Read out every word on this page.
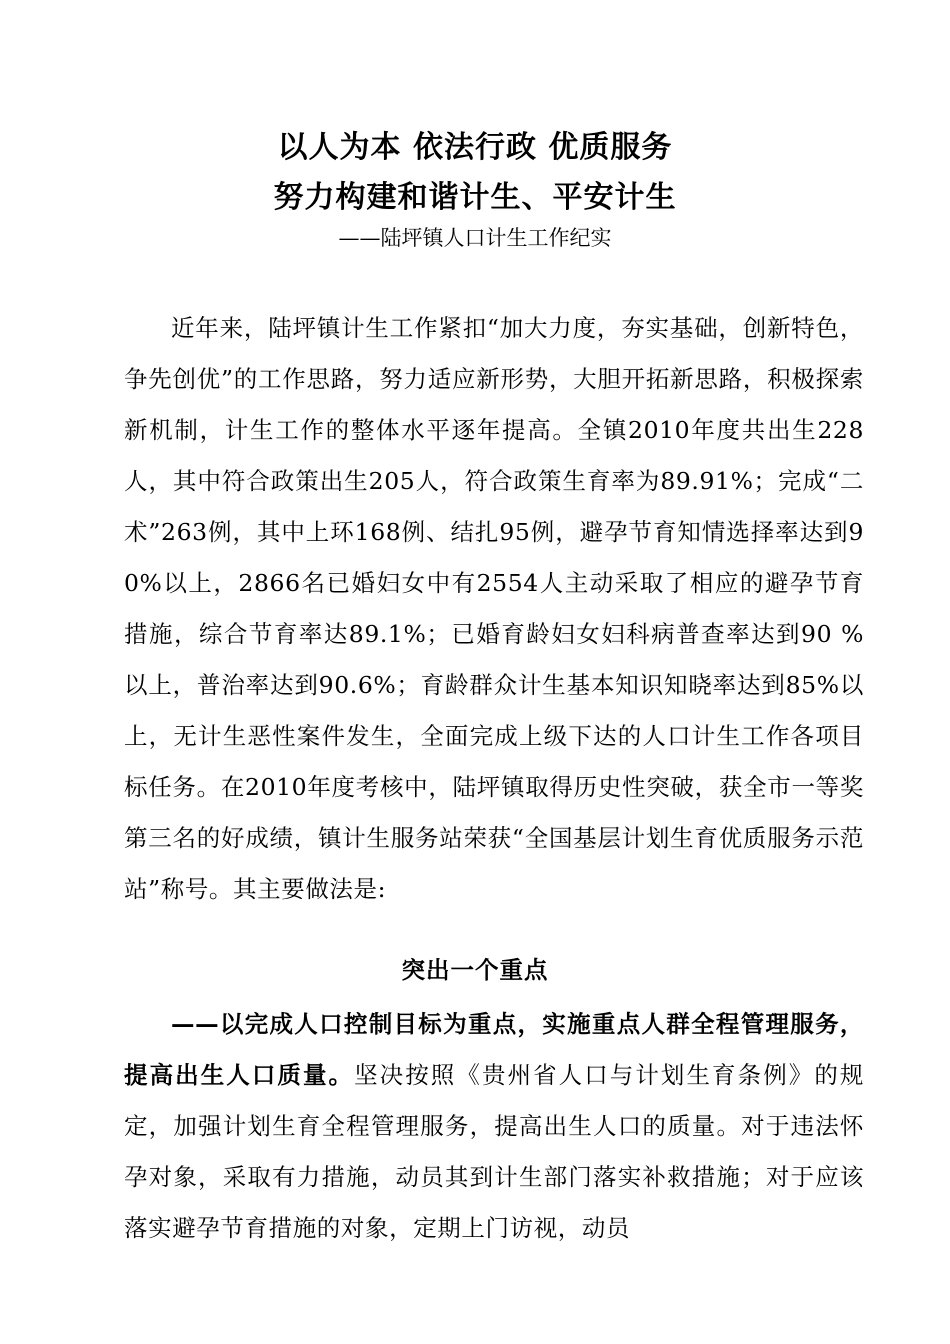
以人为本 依法行政 优质服务
努力构建和谐计生、平安计生
——陆坪镇人口计生工作纪实
近年来，陆坪镇计生工作紧扣“加大力度，夯实基础，创新特色，争先创优”的工作思路，努力适应新形势，大胆开拓新思路，积极探索新机制，计生工作的整体水平逐年提高。全镇2010年度共出生228人，其中符合政策出生205人，符合政策生育率为89.91%；完成“二术”263例，其中上环168例、结扎95例，避孕节育知情选择率达到90%以上，2866名已婚妇女中有2554人主动采取了相应的避孕节育措施，综合节育率达89.1%；已婚育龄妇女妇科病普查率达到90 %以上，普治率达到90.6%；育龄群众计生基本知识知晓率达到85%以上，无计生恶性案件发生，全面完成上级下达的人口计生工作各项目标任务。在2010年度考核中，陆坪镇取得历史性突破，获全市一等奖第三名的好成绩，镇计生服务站荣获“全国基层计划生育优质服务示范站”称号。其主要做法是:
突出一个重点
——以完成人口控制目标为重点，实施重点人群全程管理服务，提高出生人口质量。坚决按照《贵州省人口与计划生育条例》的规定，加强计划生育全程管理服务，提高出生人口的质量。对于违法怀孕对象，采取有力措施，动员其到计生部门落实补救措施；对于应该落实避孕节育措施的对象，定期上门访视，动员
